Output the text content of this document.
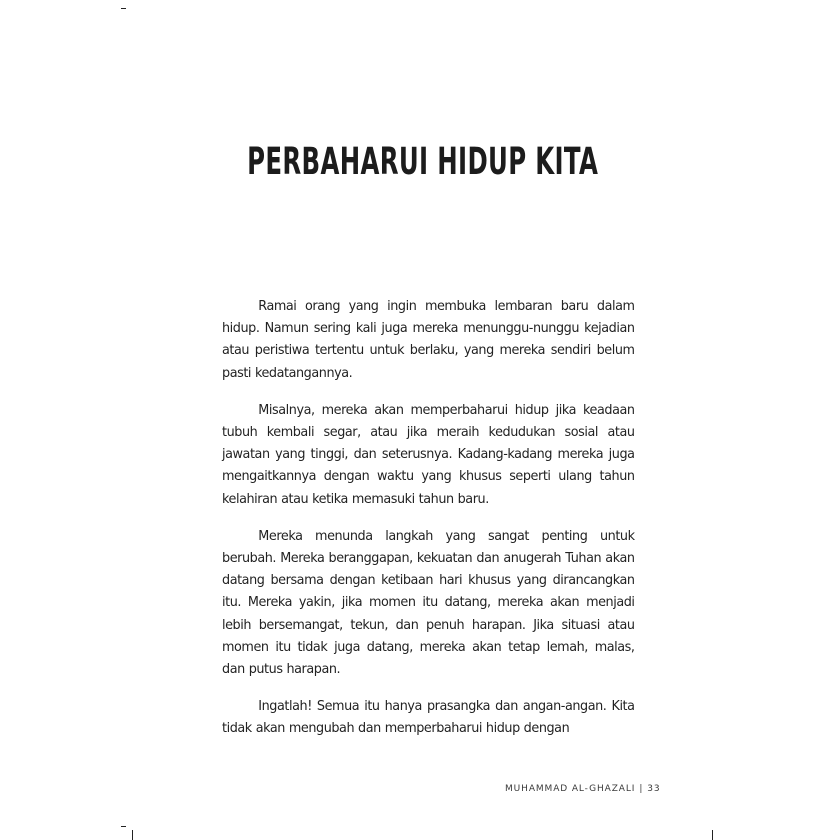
PERBAHARUI HIDUP KITA

Ramai orang yang ingin membuka lembaran baru dalam hidup. Namun sering kali juga mereka menunggu-nunggu kejadian atau peristiwa tertentu untuk berlaku, yang mereka sendiri belum pasti kedatangannya.

Misalnya, mereka akan memperbaharui hidup jika keadaan tubuh kembali segar, atau jika meraih kedudukan sosial atau jawatan yang tinggi, dan seterusnya. Kadang-kadang mereka juga mengaitkannya dengan waktu yang khusus seperti ulang tahun kelahiran atau ketika memasuki tahun baru.

Mereka menunda langkah yang sangat penting untuk berubah. Mereka beranggapan, kekuatan dan anugerah Tuhan akan datang bersama dengan ketibaan hari khusus yang dirancangkan itu. Mereka yakin, jika momen itu datang, mereka akan menjadi lebih bersemangat, tekun, dan penuh harapan. Jika situasi atau momen itu tidak juga datang, mereka akan tetap lemah, malas, dan putus harapan.

Ingatlah! Semua itu hanya prasangka dan angan-angan. Kita tidak akan mengubah dan memperbaharui hidup dengan

MUHAMMAD AL-GHAZALI | 33
